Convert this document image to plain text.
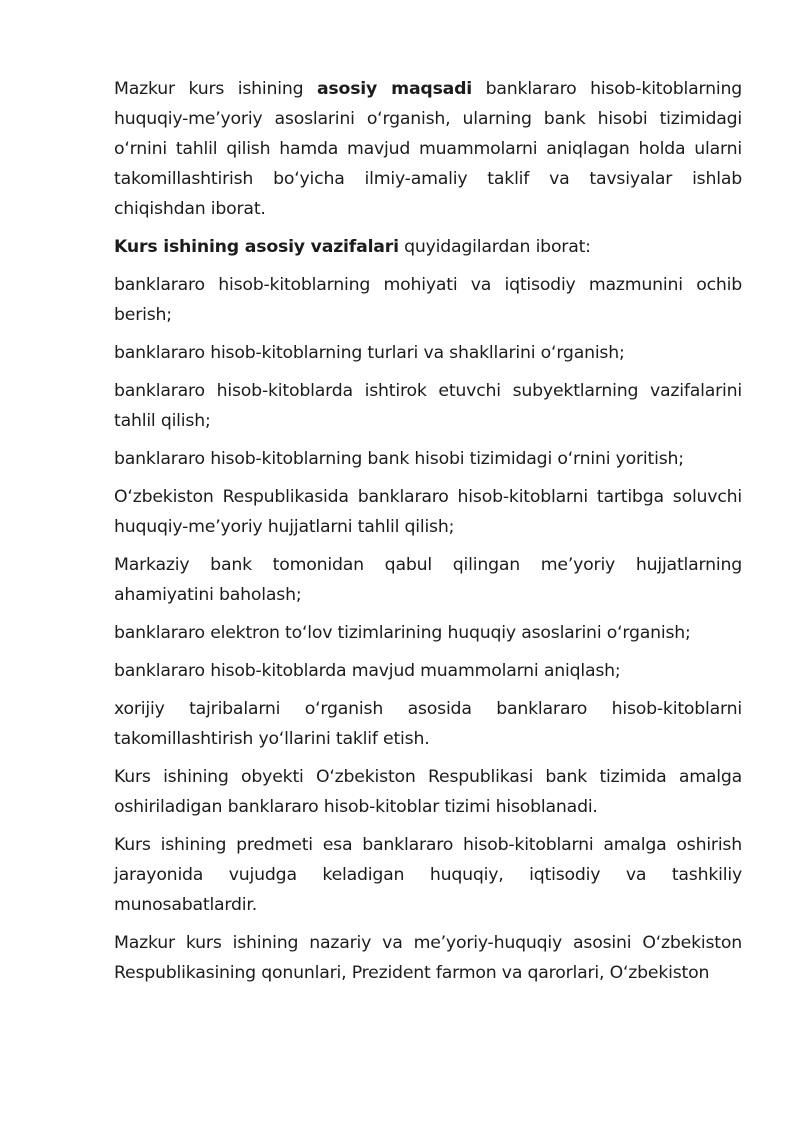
Mazkur kurs ishining asosiy maqsadi banklararo hisob-kitoblarning huquqiy-me’yoriy asoslarini o‘rganish, ularning bank hisobi tizimidagi o‘rnini tahlil qilish hamda mavjud muammolarni aniqlagan holda ularni takomillashtirish bo‘yicha ilmiy-amaliy taklif va tavsiyalar ishlab chiqishdan iborat.

Kurs ishining asosiy vazifalari quyidagilardan iborat:

banklararo hisob-kitoblarning mohiyati va iqtisodiy mazmunini ochib berish;

banklararo hisob-kitoblarning turlari va shakllarini o‘rganish;

banklararo hisob-kitoblarda ishtirok etuvchi subyektlarning vazifalarini tahlil qilish;

banklararo hisob-kitoblarning bank hisobi tizimidagi o‘rnini yoritish;

O‘zbekiston Respublikasida banklararo hisob-kitoblarni tartibga soluvchi huquqiy-me’yoriy hujjatlarni tahlil qilish;

Markaziy bank tomonidan qabul qilingan me’yoriy hujjatlarning ahamiyatini baholash;

banklararo elektron to‘lov tizimlarining huquqiy asoslarini o‘rganish;

banklararo hisob-kitoblarda mavjud muammolarni aniqlash;

xorijiy tajribalarni o‘rganish asosida banklararo hisob-kitoblarni takomillashtirish yo‘llarini taklif etish.

Kurs ishining obyekti O‘zbekiston Respublikasi bank tizimida amalga oshiriladigan banklararo hisob-kitoblar tizimi hisoblanadi.

Kurs ishining predmeti esa banklararo hisob-kitoblarni amalga oshirish jarayonida vujudga keladigan huquqiy, iqtisodiy va tashkiliy munosabatlardir.

Mazkur kurs ishining nazariy va me’yoriy-huquqiy asosini O‘zbekiston Respublikasining qonunlari, Prezident farmon va qarorlari, O‘zbekiston
